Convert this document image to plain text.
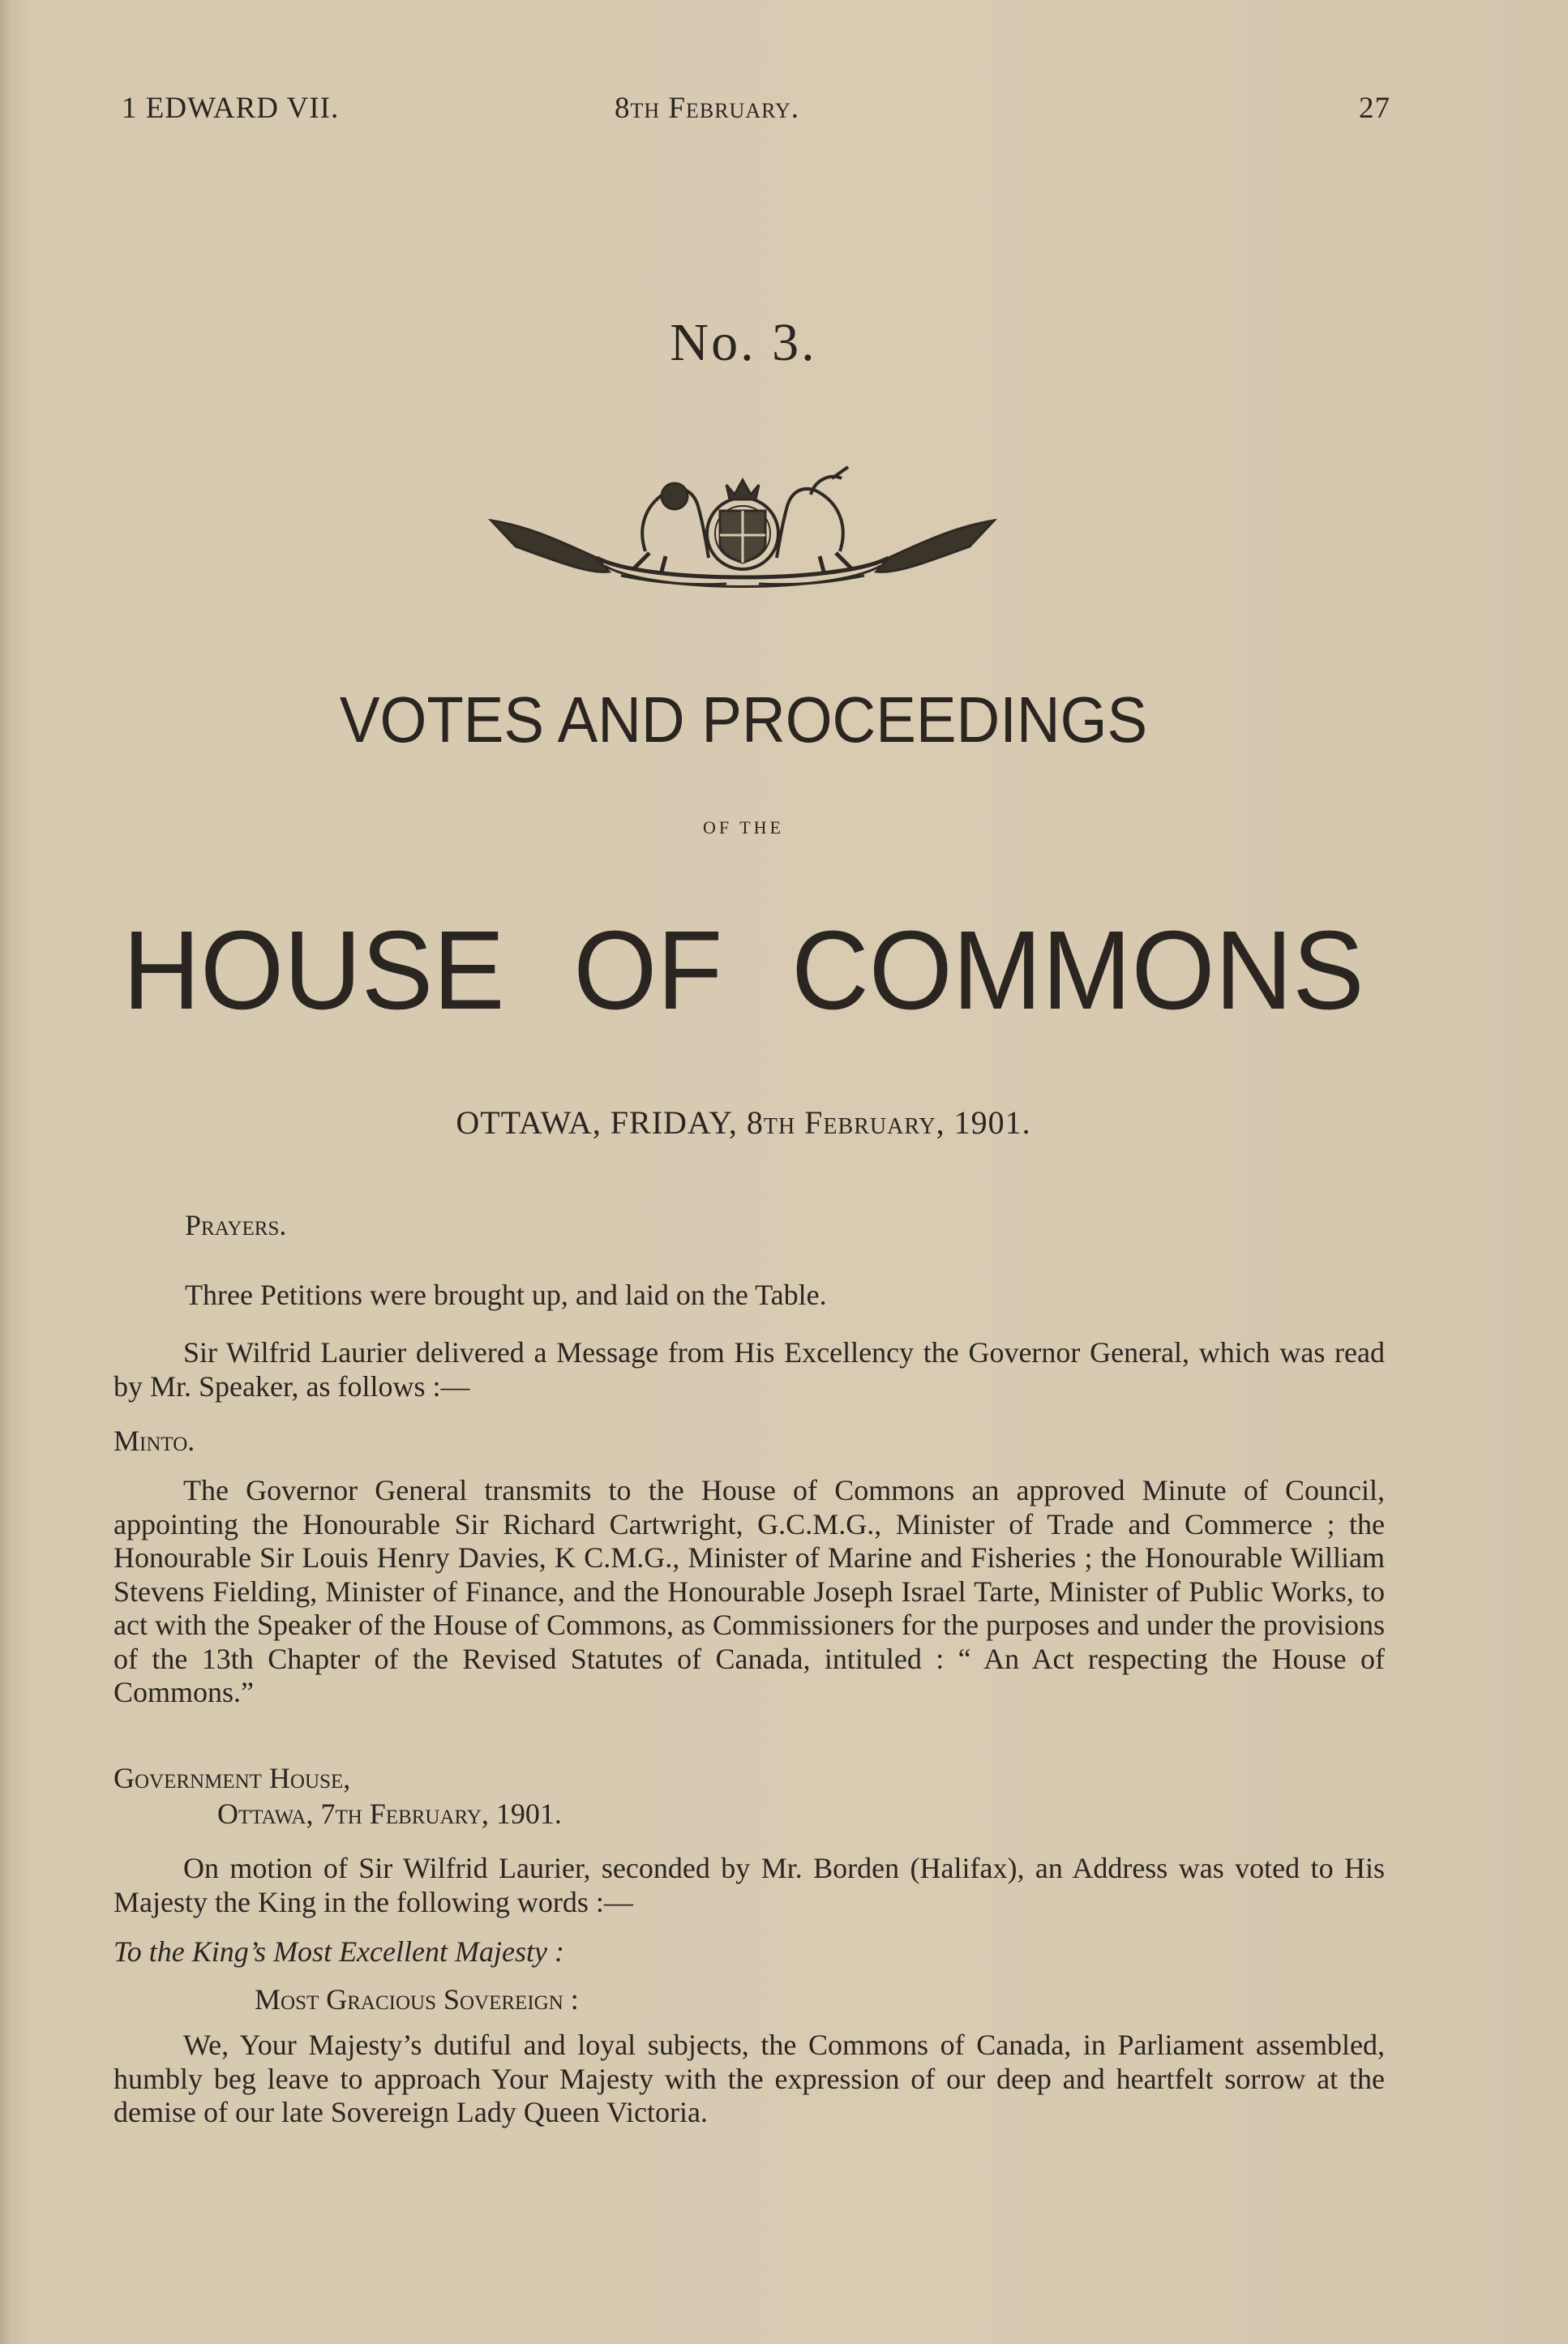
1 EDWARD VII.	8th February.	27
No. 3.
VOTES AND PROCEEDINGS
OF THE
HOUSE OF COMMONS
OTTAWA, FRIDAY, 8th February, 1901.
Prayers.
Three Petitions were brought up, and laid on the Table.
Sir Wilfrid Laurier delivered a Message from His Excellency the Governor General, which was read by Mr. Speaker, as follows :—
Minto.
The Governor General transmits to the House of Commons an approved Minute of Council, appointing the Honourable Sir Richard Cartwright, G.C.M.G., Minister of Trade and Commerce ; the Honourable Sir Louis Henry Davies, K C.M.G., Minister of Marine and Fisheries ; the Honourable William Stevens Fielding, Minister of Finance, and the Honourable Joseph Israel Tarte, Minister of Public Works, to act with the Speaker of the House of Commons, as Commissioners for the purposes and under the provisions of the 13th Chapter of the Revised Statutes of Canada, intituled : “ An Act respecting the House of Commons.”
Government House,
Ottawa, 7th February, 1901.
On motion of Sir Wilfrid Laurier, seconded by Mr. Borden (Halifax), an Address was voted to His Majesty the King in the following words :—
To the King’s Most Excellent Majesty :
Most Gracious Sovereign :
We, Your Majesty’s dutiful and loyal subjects, the Commons of Canada, in Parliament assembled, humbly beg leave to approach Your Majesty with the expression of our deep and heartfelt sorrow at the demise of our late Sovereign Lady Queen Victoria.
